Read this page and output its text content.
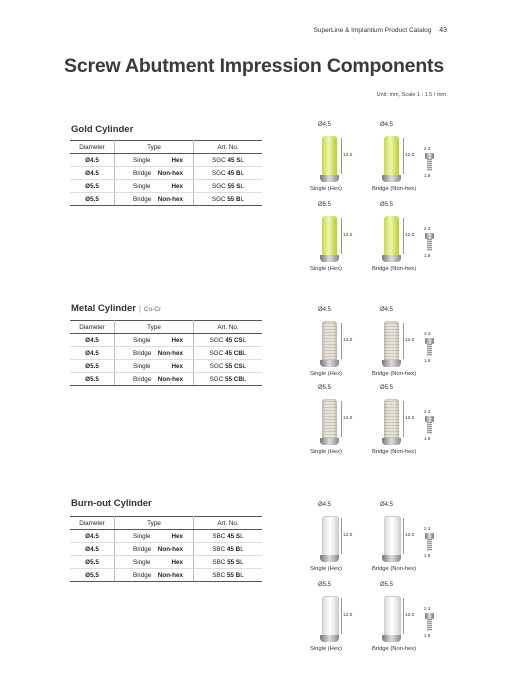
SuperLine & Implantium Product Catalog 43
Screw Abutment Impression Components
Unit: mm, Scale 1 : 1.5 / mm
Gold Cylinder
Diameter	Type		Art. No.
Ø4.5	Single	Hex	SGC 45 SL
Ø4.5	Bridge	Non-hex	SGC 45 BL
Ø5.5	Single	Hex	SGC 55 SL
Ø5.5	Bridge	Non-hex	SGC 55 BL
Ø4.5
12.0
Single (Hex)
Ø4.5
12.0
Bridge (Non-hex)
2.3
1.8
Ø5.5
12.0
Single (Hex)
Ø5.5
12.0
Bridge (Non-hex)
2.3
1.8
Metal Cylinder | Co-Cr
Diameter	Type		Art. No.
Ø4.5	Single	Hex	SGC 45 CSL
Ø4.5	Bridge	Non-hex	SGC 45 CBL
Ø5.5	Single	Hex	SGC 55 CSL
Ø5.5	Bridge	Non-hex	SGC 55 CBL
Ø4.5
12.0
Single (Hex)
Ø4.5
12.0
Bridge (Non-hex)
2.3
1.8
Ø5.5
12.0
Single (Hex)
Ø5.5
12.0
Bridge (Non-hex)
2.3
1.8
Burn-out Cylinder
Diameter	Type		Art. No.
Ø4.5	Single	Hex	SBC 45 SL
Ø4.5	Bridge	Non-hex	SBC 45 BL
Ø5.5	Single	Hex	SBC 55 SL
Ø5.5	Bridge	Non-hex	SBC 55 BL
Ø4.5
12.0
Single (Hex)
Ø4.5
12.0
Bridge (Non-hex)
2.3
1.8
Ø5.5
12.0
Single (Hex)
Ø5.5
12.0
Bridge (Non-hex)
2.3
1.8
